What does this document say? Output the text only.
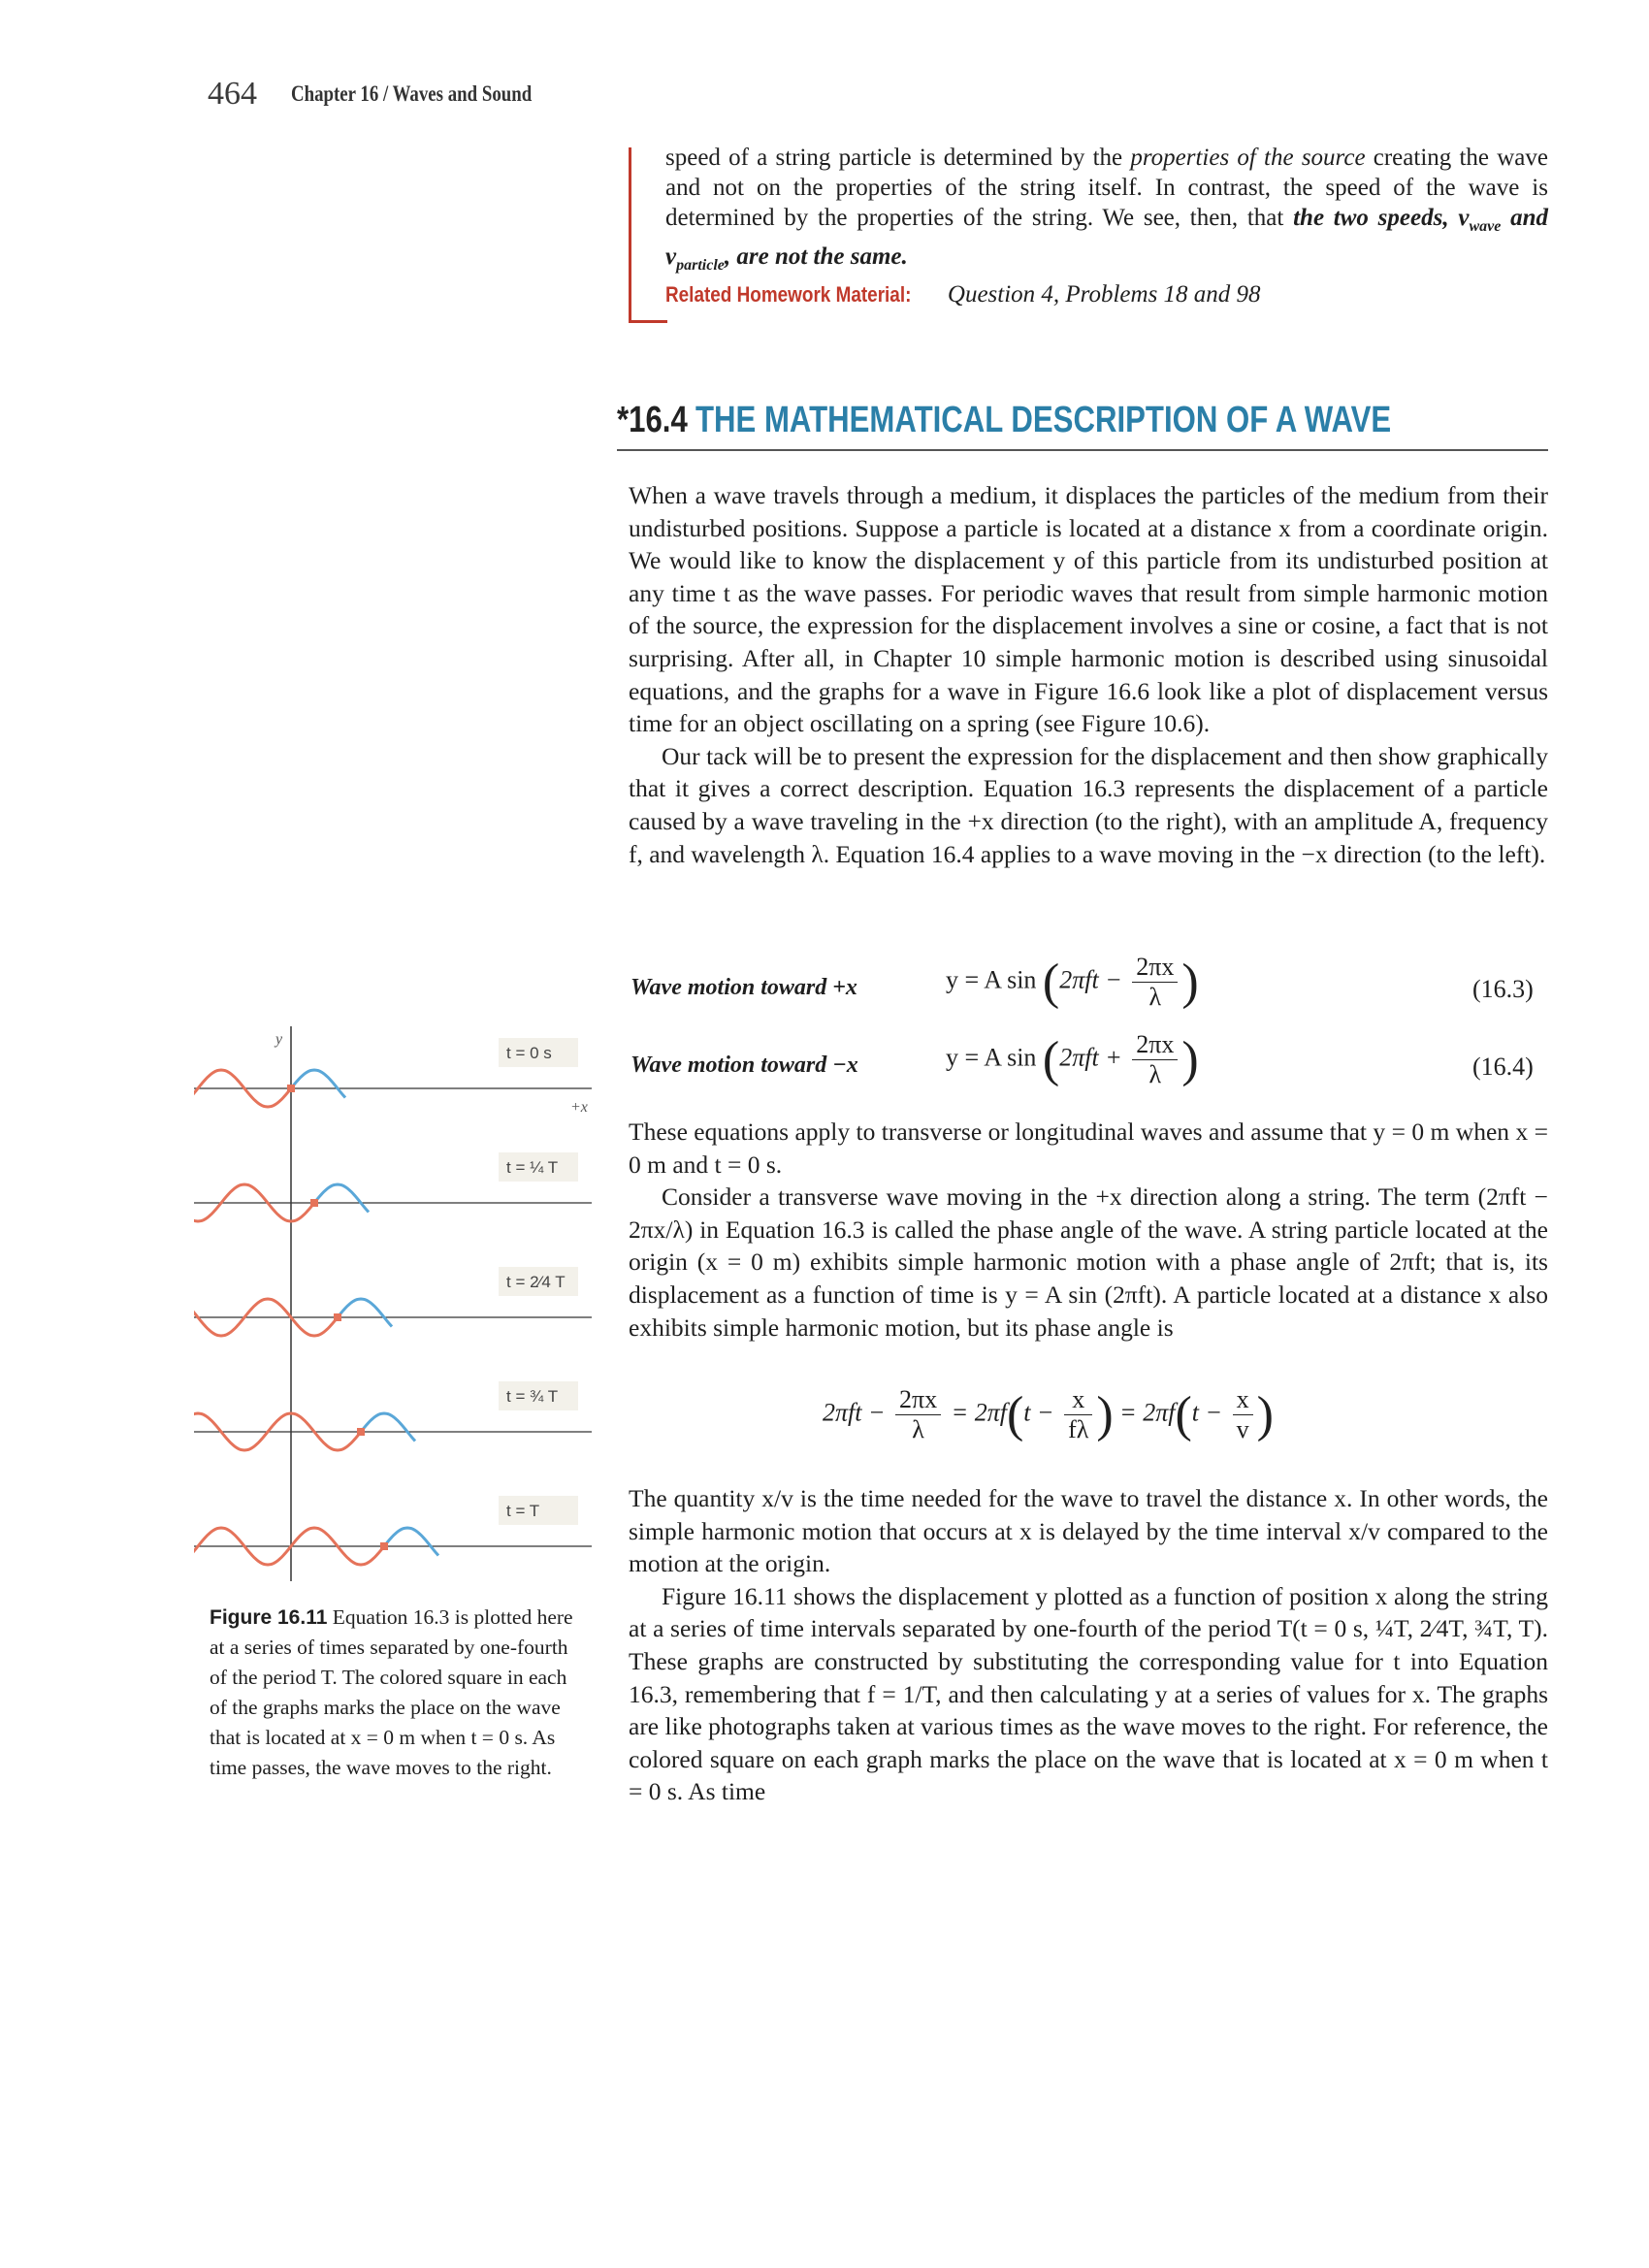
464 Chapter 16 / Waves and Sound
speed of a string particle is determined by the properties of the source creating the wave and not on the properties of the string itself. In contrast, the speed of the wave is determined by the properties of the string. We see, then, that the two speeds, $v_{wave}$ and $v_{particle}$, are not the same.
Related Homework Material: Question 4, Problems 18 and 98
*16.4 THE MATHEMATICAL DESCRIPTION OF A WAVE

When a wave travels through a medium, it displaces the particles of the medium from their undisturbed positions. Suppose a particle is located at a distance x from a coordinate origin. We would like to know the displacement y of this particle from its undisturbed position at any time t as the wave passes. For periodic waves that result from simple harmonic motion of the source, the expression for the displacement involves a sine or cosine, a fact that is not surprising. After all, in Chapter 10 simple harmonic motion is described using sinusoidal equations, and the graphs for a wave in Figure 16.6 look like a plot of displacement versus time for an object oscillating on a spring (see Figure 10.6).

Our tack will be to present the expression for the displacement and then show graphically that it gives a correct description. Equation 16.3 represents the displacement of a particle caused by a wave traveling in the +x direction (to the right), with an amplitude A, frequency f, and wavelength λ. Equation 16.4 applies to a wave moving in the −x direction (to the left).

Wave motion toward +x	y = A $\sin (2\pi ft - \frac{2\pi x}{\lambda}$ )	(16.3)
Wave motion toward −x	y = A $\sin (2\pi ft + \frac{2\pi x}{\lambda}$ )	(16.4)

These equations apply to transverse or longitudinal waves and assume that y = 0 m when x = 0 m and t = 0 s.

Consider a transverse wave moving in the +x direction along a string. The term (2πft − 2πx/λ) in Equation 16.3 is called the phase angle of the wave. A string particle located at the origin (x = 0 m) exhibits simple harmonic motion with a phase angle of 2πft; that is, its displacement as a function of time is y = A sin (2πft). A particle located at a distance x also exhibits simple harmonic motion, but its phase angle is

$2\pi ft - \frac{2\pi x}{\lambda} = 2\pi f(t - \frac{x}{f\lambda}$ ) = $2\pi f(t - \frac{x}{v}$ )

The quantity x/v is the time needed for the wave to travel the distance x. In other words, the simple harmonic motion that occurs at x is delayed by the time interval x/v compared to the motion at the origin.

Figure 16.11 shows the displacement y plotted as a function of position x along the string at a series of time intervals separated by one-fourth of the period T(t = 0 s, ¼T, 2⁄4T, ¾T, T). These graphs are constructed by substituting the corresponding value for t into Equation 16.3, remembering that f = 1/T, and then calculating y at a series of values for x. The graphs are like photographs taken at various times as the wave moves to the right. For reference, the colored square on each graph marks the place on the wave that is located at x = 0 m when t = 0 s. As time

y
+x
t = 0 s
t = ¼ T
t = 2⁄4 T
t = ¾ T
t = T
Figure 16.11 Equation 16.3 is plotted here at a series of times separated by one-fourth of the period T. The colored square in each of the graphs marks the place on the wave that is located at x = 0 m when t = 0 s. As time passes, the wave moves to the right.
